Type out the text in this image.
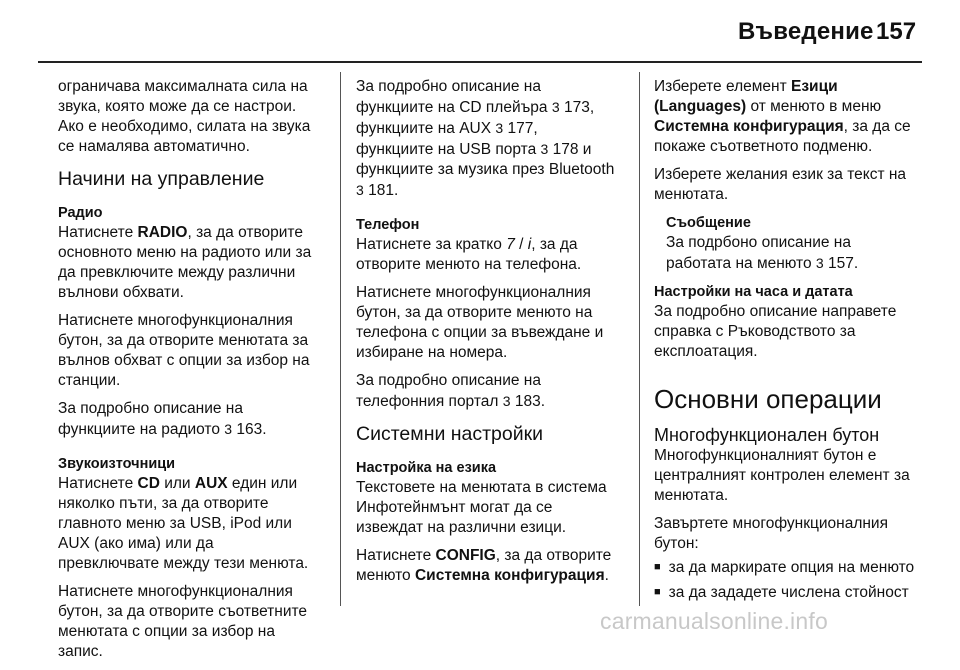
Въведение 157

ограничава максималната сила на
звука, която може да се настрои.
Ако е необходимо, силата на звука
се намалява автоматично.

Начини на управление
Радио

Натиснете RADIO, за да отворите
основното меню на радиото или за
да превключите между различни
вълнови обхвати.

Натиснете многофункционалния
бутон, за да отворите менютата за
вълнов обхват с опции за избор на
станции.

За подробно описание на
функциите на радиото 3 163.

Звукоизточници

Натиснете CD или AUX един или
няколко пъти, за да отворите
главното меню за USB, iPod или
AUX (ако има) или да
превключвате между тези менюта.

Натиснете многофункционалния
бутон, за да отворите съответните
менютата с опции за избор на
запис.

За подробно описание на
функциите на CD плейъра 3 173,
функциите на AUX 3 177,
функциите на USB порта 3 178 и
функциите за музика през Bluetooth
3 181.

Телефон

Натиснете за кратко 7 / i, за да
отворите менюто на телефона.

Натиснете многофункционалния
бутон, за да отворите менюто на
телефона с опции за въвеждане и
избиране на номера.

За подробно описание на
телефонния портал 3 183.

Системни настройки
Настройка на езика

Текстовете на менютата в система
Инфотейнмънт могат да се
извеждат на различни езици.

Натиснете CONFIG, за да отворите
менюто Системна конфигурация.

Изберете елемент Езици
(Languages) от менюто в меню
Системна конфигурация, за да се
покаже съответното подменю.

Изберете желания език за текст на
менютата.

Съобщение
За подрбоно описание на
работата на менюто 3 157.
Настройки на часа и датата

За подробно описание направете
справка с Ръководството за
експлоатация.

Основни операции
Многофункционален бутон

Многофункционалният бутон е
централният контролен елемент за
менютата.

Завъртете многофункционалния
бутон:

■ за да маркирате опция на менюто
■ за да зададете числена стойност
carmanualsonline.info
